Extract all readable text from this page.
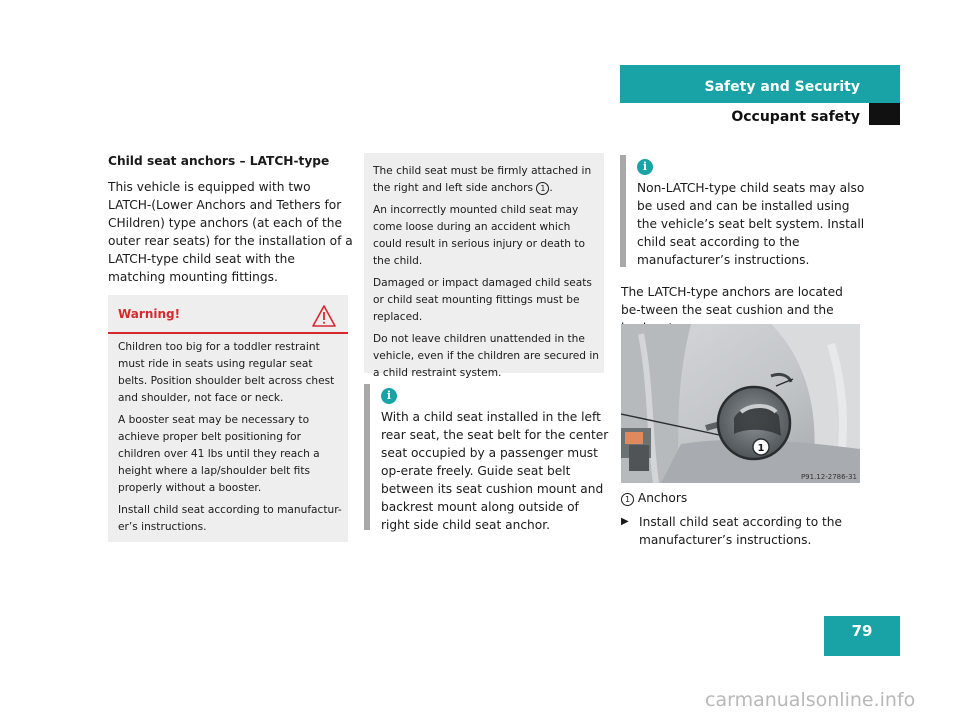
Safety and Security
Occupant safety

Child seat anchors – LATCH-type

This vehicle is equipped with two LATCH-(Lower Anchors and Tethers for CHildren) type anchors (at each of the outer rear seats) for the installation of a LATCH-type child seat with the matching mounting fittings.

Warning!

Children too big for a toddler restraint must ride in seats using regular seat belts. Position shoulder belt across chest and shoulder, not face or neck.

A booster seat may be necessary to achieve proper belt positioning for children over 41 lbs until they reach a height where a lap/shoulder belt fits properly without a booster.

Install child seat according to manufactur-er’s instructions.

The child seat must be firmly attached in the right and left side anchors 1 .

An incorrectly mounted child seat may come loose during an accident which could result in serious injury or death to the child.

Damaged or impact damaged child seats or child seat mounting fittings must be replaced.

Do not leave children unattended in the vehicle, even if the children are secured in a child restraint system.

i

With a child seat installed in the left rear seat, the seat belt for the center seat occupied by a passenger must op-erate freely. Guide seat belt between its seat cushion mount and backrest mount along outside of right side child seat anchor.

i

Non-LATCH-type child seats may also be used and can be installed using the vehicle’s seat belt system. Install child seat according to the manufacturer’s instructions.

The LATCH-type anchors are located be-tween the seat cushion and the
1
P91.12-2786-31
1 Anchors
▶ Install child seat according to the manufacturer’s instructions.
79
carmanualsonline.info
